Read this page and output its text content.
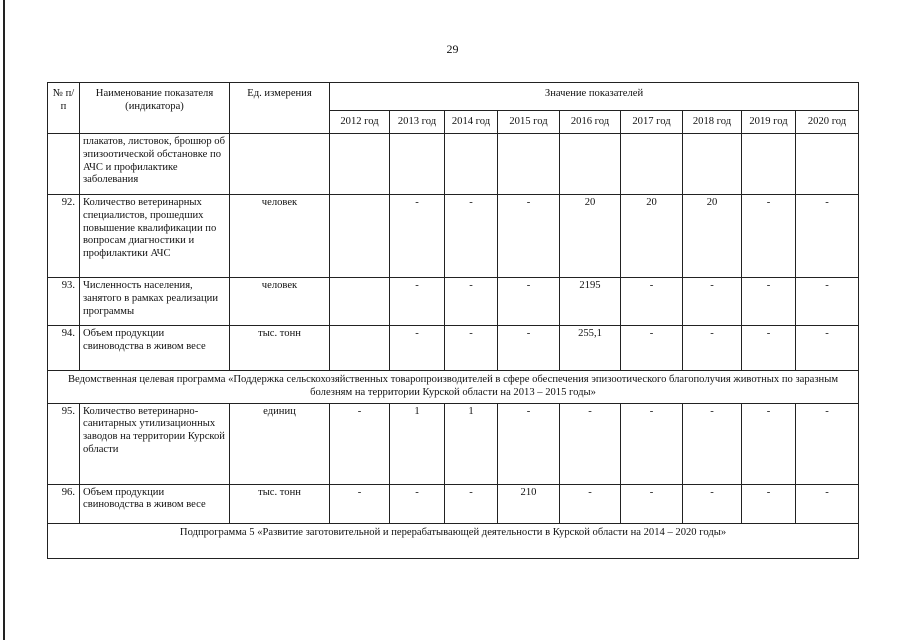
29
№ п/п	Наименование показателя (индикатора)	Ед. измерения	Значение показателей								
			2012 год	2013 год	2014 год	2015 год	2016 год	2017 год	2018 год	2019 год	2020 год
	плакатов, листовок, брошюр об эпизоотической обстановке по АЧС и профилактике заболевания										
92.	Количество ветеринарных специалистов, прошедших повышение квалификации по вопросам диагностики и профилактики АЧС	человек		-	-	-	20	20	20	-	-
93.	Численность населения, занятого в рамках реализации программы	человек		-	-	-	2195	-	-	-	-
94.	Объем продукции свиноводства в живом весе	тыс. тонн		-	-	-	255,1	-	-	-	-
Ведомственная целевая программа «Поддержка сельскохозяйственных товаропроизводителей в сфере обеспечения эпизоотического благополучия животных по заразным болезням на территории Курской области на 2013 – 2015 годы»											
95.	Количество ветеринарно-санитарных утилизационных заводов на территории Курской области	единиц	-	1	1	-	-	-	-	-	-
96.	Объем продукции свиноводства в живом весе	тыс. тонн	-	-	-	210	-	-	-	-	-
Подпрограмма 5 «Развитие заготовительной и перерабатывающей деятельности в Курской области на 2014 – 2020 годы»											
